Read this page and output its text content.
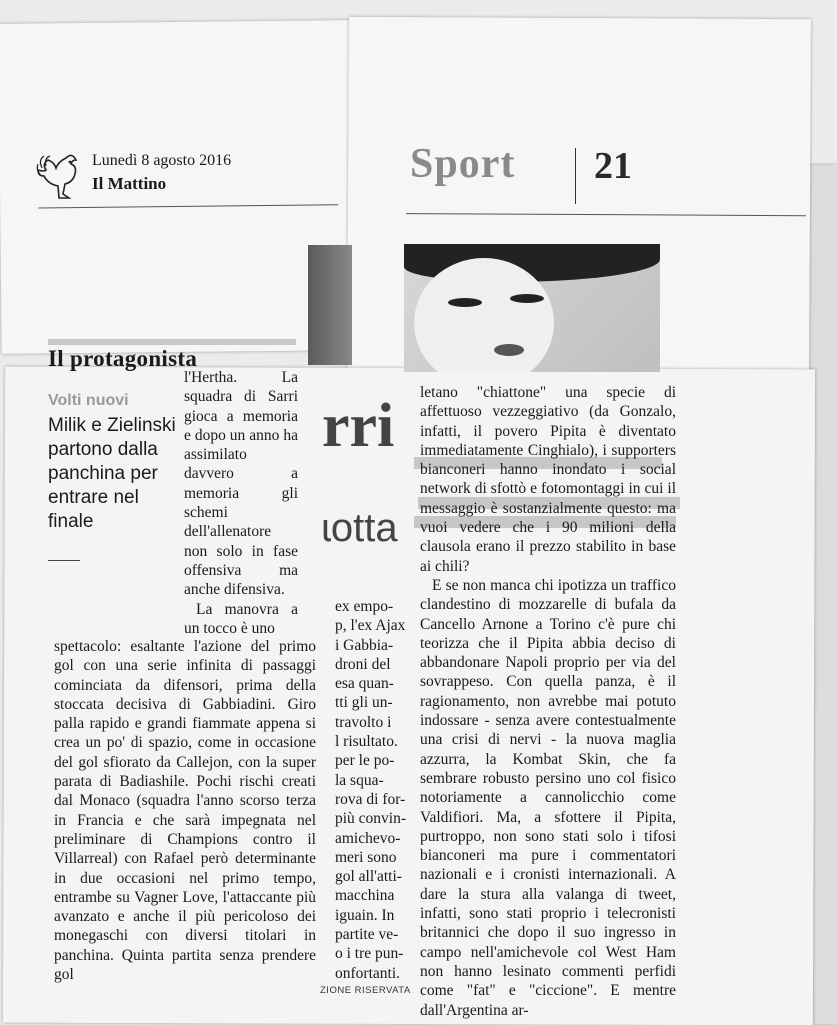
Lunedì 8 agosto 2016
Il Mattino	Sport 21
Il protagonista
Volti nuovi
Milik e Zielinski partono dalla panchina per entrare nel finale
rri
ɩotta

l'Hertha. La squadra di Sarri gioca a memoria e dopo un anno ha assimilato davvero a memoria gli schemi dell'allenatore non solo in fase offensiva ma anche difensiva.

La manovra a un tocco è uno

spettacolo: esaltante l'azione del primo gol con una serie infinita di passaggi cominciata da difensori, prima della stoccata decisiva di Gabbiadini. Giro palla rapido e grandi fiammate appena si crea un po' di spazio, come in occasione del gol sfiorato da Callejon, con la super parata di Badiashile. Pochi rischi creati dal Monaco (squadra l'anno scorso terza in Francia e che sarà impegnata nel preliminare di Champions contro il Villarreal) con Rafael però determinante in due occasioni nel primo tempo, entrambe su Vagner Love, l'attaccante più avanzato e anche il più pericoloso dei monegaschi con diversi titolari in panchina. Quinta partita senza prendere gol

ex empo-
p, l'ex Ajax
i Gabbia-
droni del
esa quan-
tti gli un-
travolto i
l risultato.
per le po-
la squa-
rova di for-
più convin-
amichevo-
meri sono
gol all'atti-
macchina
iguain. In
partite ve-
o i tre pun-
onfortanti.

letano "chiattone" una specie di affettuoso vezzeggiativo (da Gonzalo, infatti, il povero Pipita è diventato immediatamente Cinghialo), i supporters bianconeri hanno inondato i social network di sfottò e fotomontaggi in cui il messaggio è sostanzialmente questo: ma vuoi vedere che i 90 milioni della clausola erano il prezzo stabilito in base ai chili?

E se non manca chi ipotizza un traffico clandestino di mozzarelle di bufala da Cancello Arnone a Torino c'è pure chi teorizza che il Pipita abbia deciso di abbandonare Napoli proprio per via del sovrappeso. Con quella panza, è il ragionamento, non avrebbe mai potuto indossare - senza avere contestualmente una crisi di nervi - la nuova maglia azzurra, la Kombat Skin, che fa sembrare robusto persino uno col fisico notoriamente a cannolicchio come Valdifiori. Ma, a sfottere il Pipita, purtroppo, non sono stati solo i tifosi bianconeri ma pure i commentatori nazionali e i cronisti internazionali. A dare la stura alla valanga di tweet, infatti, sono stati proprio i telecronisti britannici che dopo il suo ingresso in campo nell'amichevole col West Ham non hanno lesinato commenti perfidi come "fat" e "ciccione". E mentre dall'Argentina ar-

ZIONE RISERVATA
